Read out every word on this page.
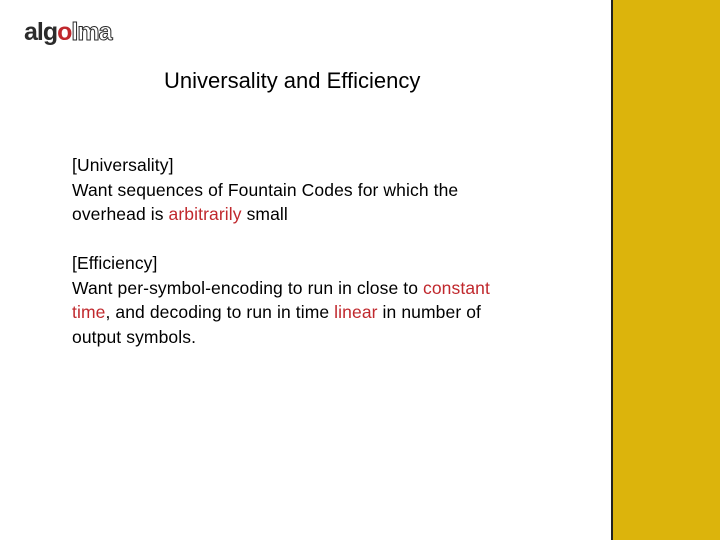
algolma
Universality and Efficiency

[Universality]

Want sequences of Fountain Codes for which the

overhead is arbitrarily small

[Efficiency]

Want per-symbol-encoding to run in close to constant

time, and decoding to run in time linear in number of

output symbols.
